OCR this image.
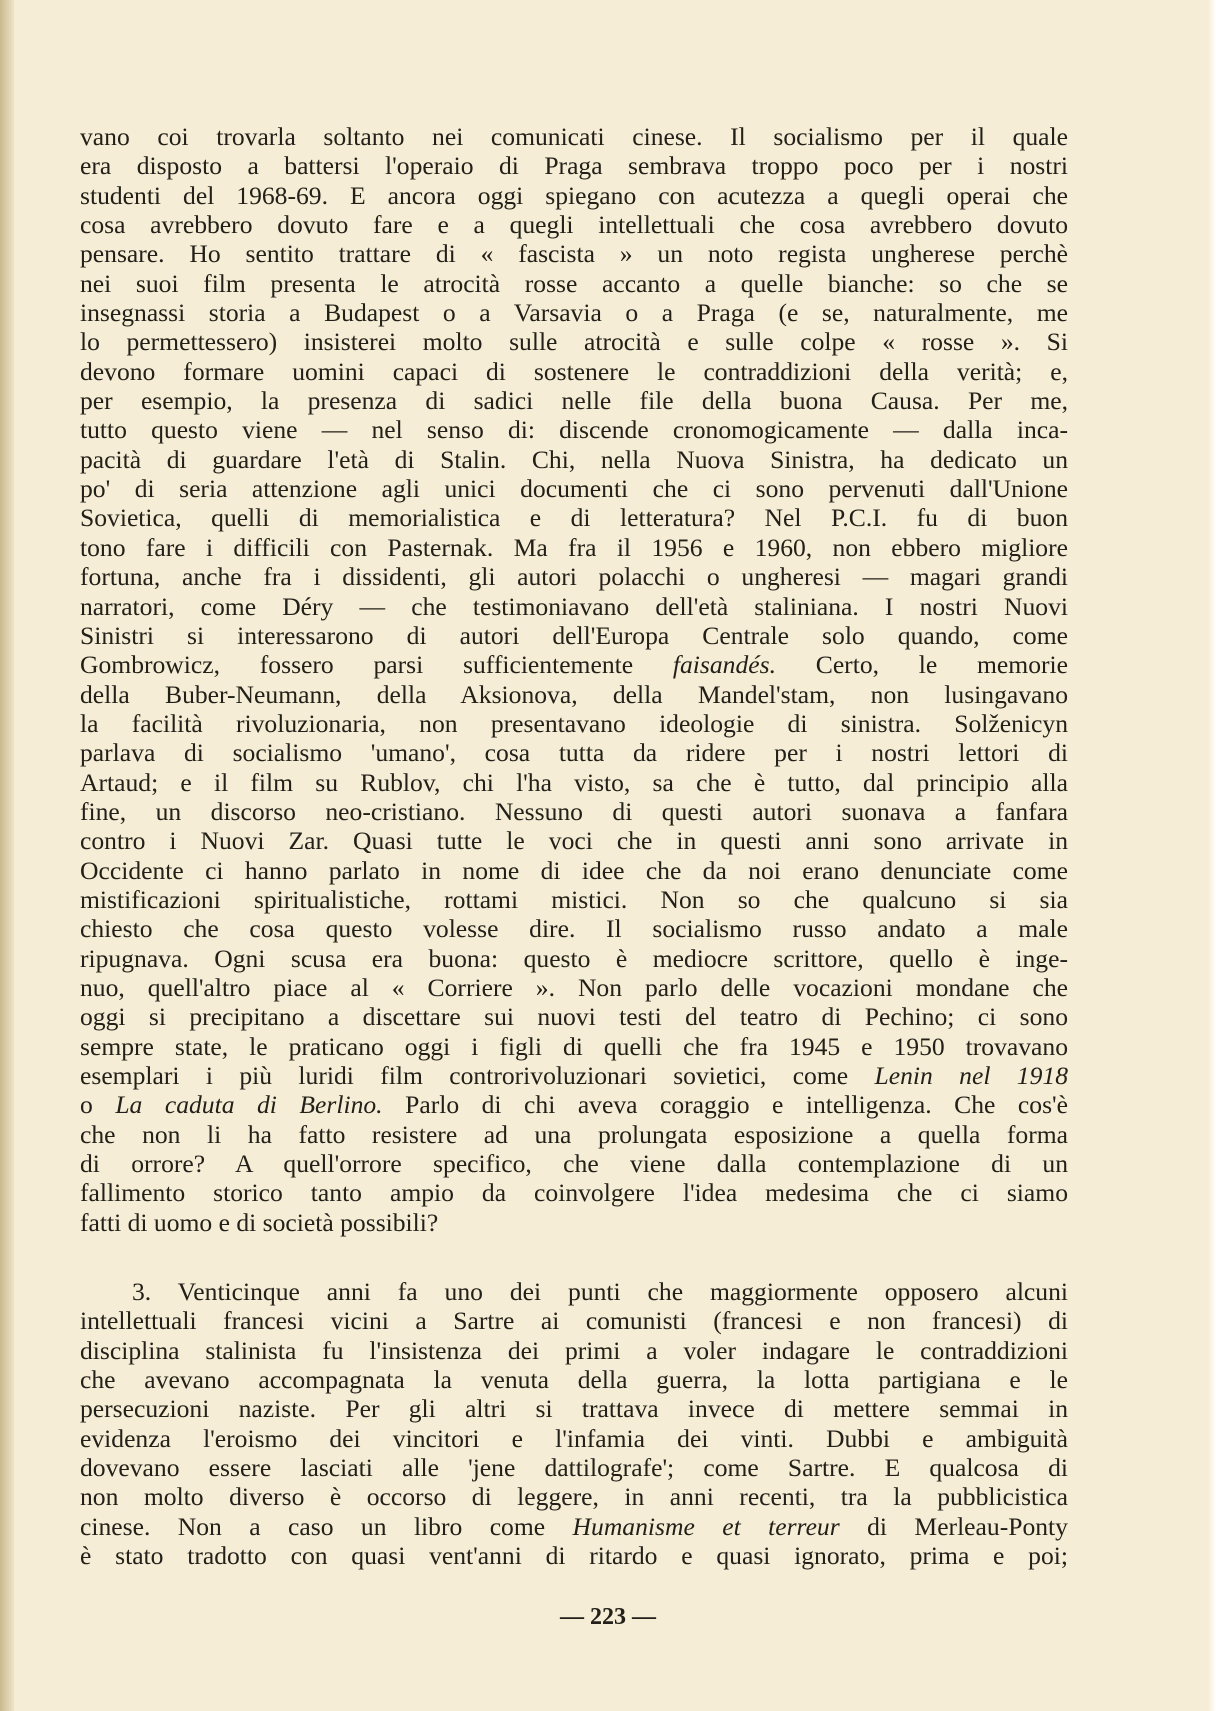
vano coi trovarla soltanto nei comunicati cinese. Il socialismo per il quale
era disposto a battersi l'operaio di Praga sembrava troppo poco per i nostri
studenti del 1968-69. E ancora oggi spiegano con acutezza a quegli operai che
cosa avrebbero dovuto fare e a quegli intellettuali che cosa avrebbero dovuto
pensare. Ho sentito trattare di « fascista » un noto regista ungherese perchè
nei suoi film presenta le atrocità rosse accanto a quelle bianche: so che se
insegnassi storia a Budapest o a Varsavia o a Praga (e se, naturalmente, me
lo permettessero) insisterei molto sulle atrocità e sulle colpe « rosse ». Si
devono formare uomini capaci di sostenere le contraddizioni della verità; e,
per esempio, la presenza di sadici nelle file della buona Causa. Per me,
tutto questo viene — nel senso di: discende cronomogicamente — dalla inca-
pacità di guardare l'età di Stalin. Chi, nella Nuova Sinistra, ha dedicato un
po' di seria attenzione agli unici documenti che ci sono pervenuti dall'Unione
Sovietica, quelli di memorialistica e di letteratura? Nel P.C.I. fu di buon
tono fare i difficili con Pasternak. Ma fra il 1956 e 1960, non ebbero migliore
fortuna, anche fra i dissidenti, gli autori polacchi o ungheresi — magari grandi
narratori, come Déry — che testimoniavano dell'età staliniana. I nostri Nuovi
Sinistri si interessarono di autori dell'Europa Centrale solo quando, come
Gombrowicz, fossero parsi sufficientemente faisandés. Certo, le memorie
della Buber-Neumann, della Aksionova, della Mandel'stam, non lusingavano
la facilità rivoluzionaria, non presentavano ideologie di sinistra. Solženicyn
parlava di socialismo 'umano', cosa tutta da ridere per i nostri lettori di
Artaud; e il film su Rublov, chi l'ha visto, sa che è tutto, dal principio alla
fine, un discorso neo-cristiano. Nessuno di questi autori suonava a fanfara
contro i Nuovi Zar. Quasi tutte le voci che in questi anni sono arrivate in
Occidente ci hanno parlato in nome di idee che da noi erano denunciate come
mistificazioni spiritualistiche, rottami mistici. Non so che qualcuno si sia
chiesto che cosa questo volesse dire. Il socialismo russo andato a male
ripugnava. Ogni scusa era buona: questo è mediocre scrittore, quello è inge-
nuo, quell'altro piace al « Corriere ». Non parlo delle vocazioni mondane che
oggi si precipitano a discettare sui nuovi testi del teatro di Pechino; ci sono
sempre state, le praticano oggi i figli di quelli che fra 1945 e 1950 trovavano
esemplari i più luridi film controrivoluzionari sovietici, come Lenin nel 1918
o La caduta di Berlino. Parlo di chi aveva coraggio e intelligenza. Che cos'è
che non li ha fatto resistere ad una prolungata esposizione a quella forma
di orrore? A quell'orrore specifico, che viene dalla contemplazione di un
fallimento storico tanto ampio da coinvolgere l'idea medesima che ci siamo
fatti di uomo e di società possibili?
3. Venticinque anni fa uno dei punti che maggiormente opposero alcuni
intellettuali francesi vicini a Sartre ai comunisti (francesi e non francesi) di
disciplina stalinista fu l'insistenza dei primi a voler indagare le contraddizioni
che avevano accompagnata la venuta della guerra, la lotta partigiana e le
persecuzioni naziste. Per gli altri si trattava invece di mettere semmai in
evidenza l'eroismo dei vincitori e l'infamia dei vinti. Dubbi e ambiguità
dovevano essere lasciati alle 'jene dattilografe'; come Sartre. E qualcosa di
non molto diverso è occorso di leggere, in anni recenti, tra la pubblicistica
cinese. Non a caso un libro come Humanisme et terreur di Merleau-Ponty
è stato tradotto con quasi vent'anni di ritardo e quasi ignorato, prima e poi;
— 223 —
